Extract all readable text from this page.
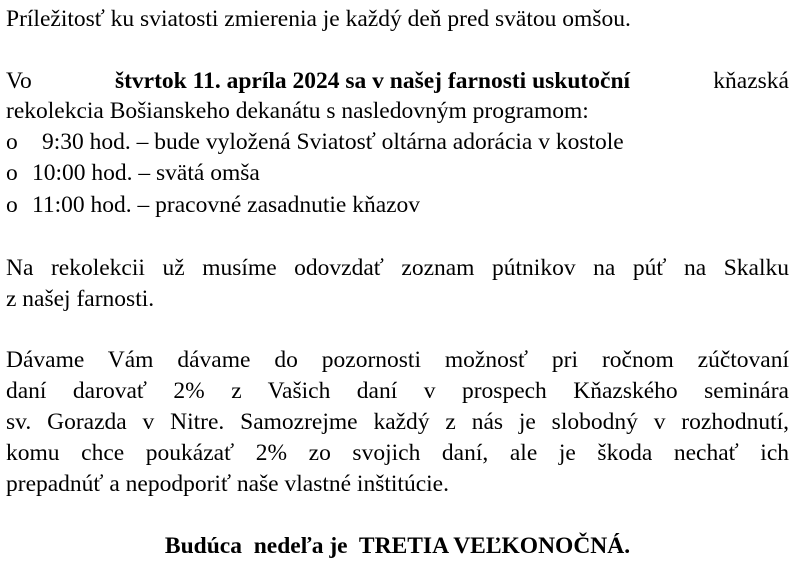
Príležitosť ku sviatosti zmierenia je každý deň pred svätou omšou.
Vo	štvrtok 11. apríla 2024 sa v našej farnosti uskutoční	kňazská
rekolekcia Bošianskeho dekanátu s nasledovným programom:
o 9:30 hod. – bude vyložená Sviatosť oltárna adorácia v kostole
o 10:00 hod. – svätá omša
o 11:00 hod. – pracovné zasadnutie kňazov
Na rekolekcii už musíme odovzdať zoznam pútnikov na púť na Skalku
z našej farnosti.
Dávame Vám dávame do pozornosti možnosť pri ročnom zúčtovaní
daní darovať 2% z Vašich daní v prospech Kňazského seminára
sv. Gorazda v Nitre. Samozrejme každý z nás je slobodný v rozhodnutí,
komu chce poukázať 2% zo svojich daní, ale je škoda nechať ich
prepadnúť a nepodporiť naše vlastné inštitúcie.
Budúca  nedeľa je  TRETIA VEĽKONOČNÁ.
